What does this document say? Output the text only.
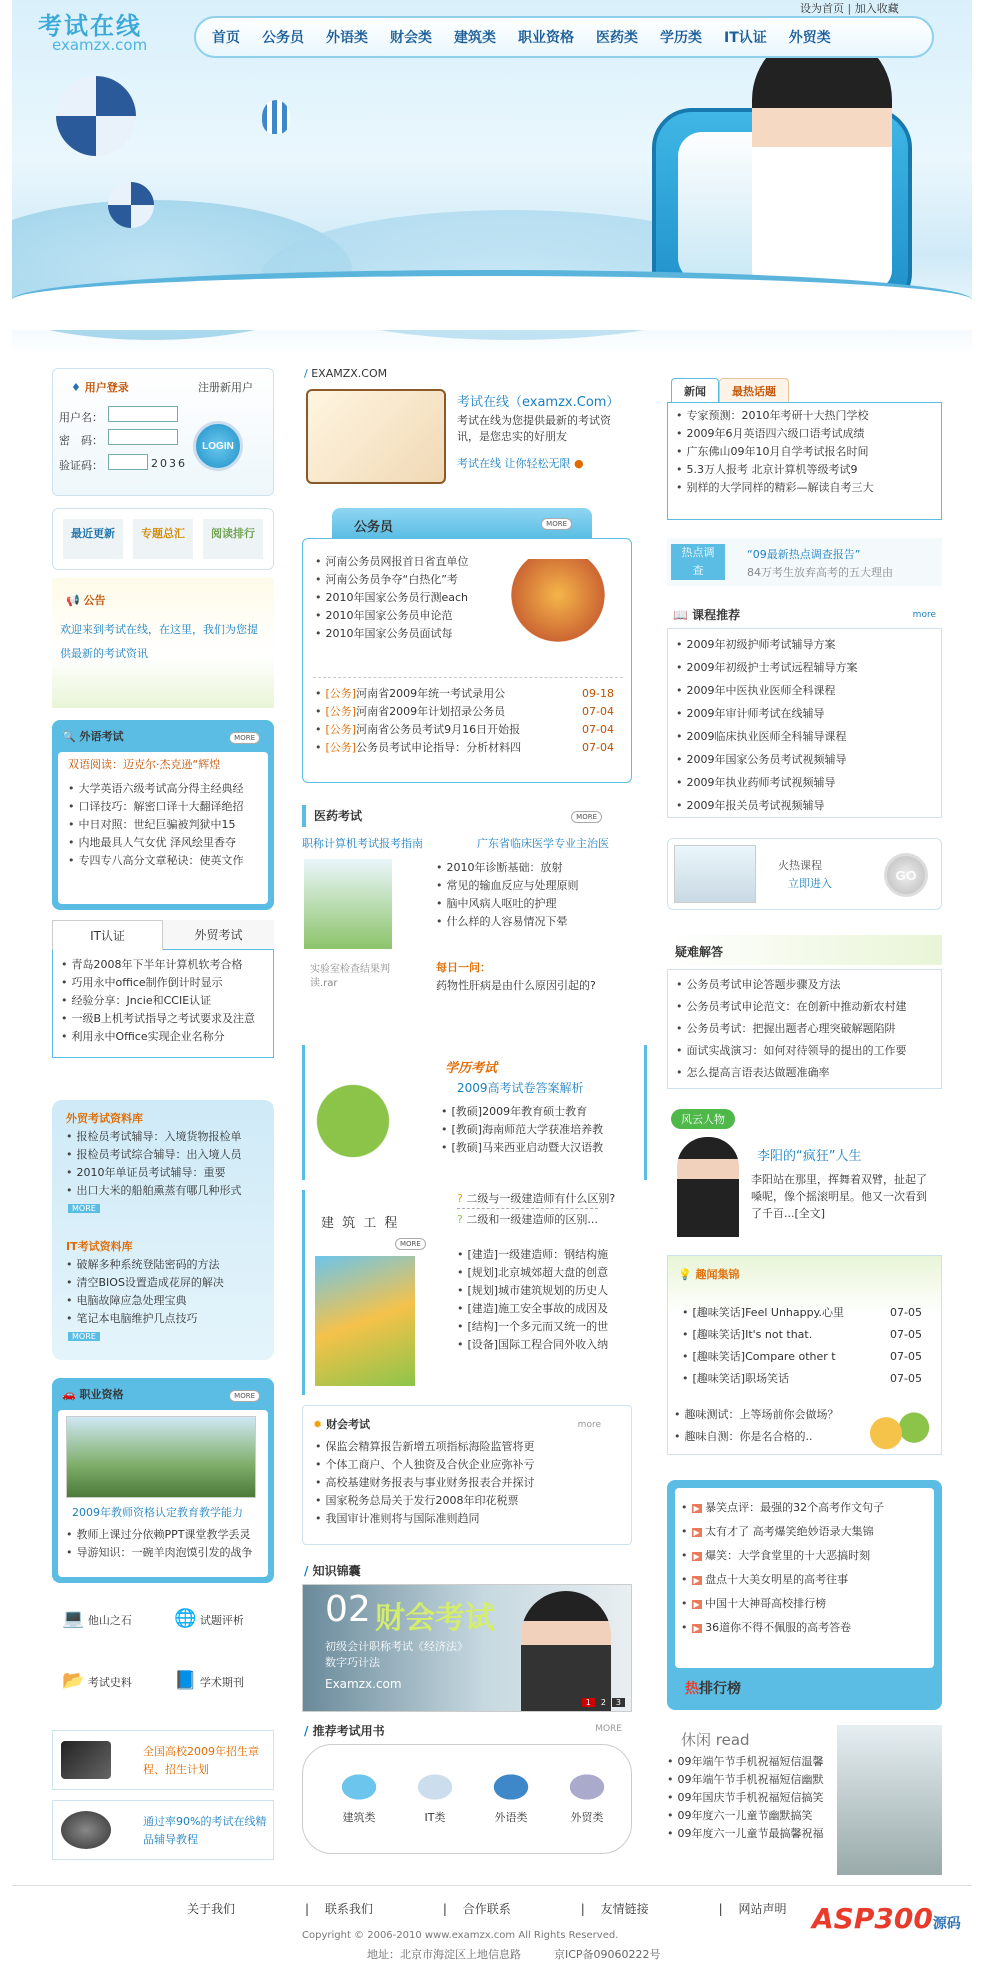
考试在线
examzx.com
设为首页 | 加入收藏
首页 公务员 外语类 财会类 建筑类 职业资格 医药类 学历类 IT认证 外贸类
♦ 用户登录	注册新用户
用户名：
密　码：
验证码：	2036
LOGIN
最近更新	专题总汇	阅读排行
📢 公告
欢迎来到考试在线，在这里，我们为您提供最新的考试资讯
🔍 外语考试	MORE
双语阅读：迈克尔·杰克逊“辉煌
• 大学英语六级考试高分得主经典经
• 口译技巧：解密口译十大翻译绝招
• 中日对照：世纪巨骗被判狱中15
• 内地最具人气女优 泽风绘里香夺
• 专四专八高分文章秘诀：使英文作
IT认证	外贸考试
• 青岛2008年下半年计算机软考合格
• 巧用永中office制作倒计时显示
• 经验分享：Jncie和CCIE认证
• 一级B上机考试指导之考试要求及注意
• 利用永中Office实现企业名称分
外贸考试资料库
• 报检员考试辅导：入境货物报检单
• 报检员考试综合辅导：出入境人员
• 2010年单证员考试辅导：重要
• 出口大米的船舶熏蒸有哪几种形式
MORE
IT考试资料库
• 破解多种系统登陆密码的方法
• 清空BIOS设置造成花屏的解决
• 电脑故障应急处理宝典
• 笔记本电脑维护几点技巧
MORE
🚗 职业资格	MORE
2009年教师资格认定教育教学能力
• 教师上课过分依赖PPT课堂教学丢灵
• 导游知识：一碗羊肉泡馍引发的战争
💻 他山之石 🌐 试题评析
📂 考试史料 📘 学术期刊
全国高校2009年招生章程、招生计划
通过率90%的考试在线精品辅导教程
/ EXAMZX.COM
考试在线（examzx.Com）
考试在线为您提供最新的考试资讯，是您忠实的好朋友
考试在线 让你轻松无限 ●
公务员	MORE
• 河南公务员网报首日省直单位
• 河南公务员争夺“白热化”考
• 2010年国家公务员行测each
• 2010年国家公务员申论范
• 2010年国家公务员面试每
• [公务]河南省2009年统一考试录用公	09-18
• [公务]河南省2009年计划招录公务员	07-04
• [公务]河南省公务员考试9月16日开始报	07-04
• [公务]公务员考试申论指导：分析材料四	07-04
医药考试	MORE
职称计算机考试报考指南	广东省临床医学专业主治医
• 2010年诊断基础：放射
• 常见的输血反应与处理原则
• 脑中风病人呕吐的护理
• 什么样的人容易情况下晕
实验室检查结果判读.rar
每日一问：
药物性肝病是由什么原因引起的?
学历考试
2009高考试卷答案解析
• [教硕]2009年教育硕士教育
• [教硕]海南师范大学获准培养教
• [教硕]马来西亚启动暨大汉语教
建 筑 工 程
MORE
? 二级与一级建造师有什么区别?
? 二级和一级建造师的区别...
• [建造]一级建造师：钢结构施
• [规划]北京城郊超大盘的创意
• [规划]城市建筑规划的历史人
• [建造]施工安全事故的成因及
• [结构]一个多元而又统一的世
• [设备]国际工程合同外收入纳
✹ 财会考试	more
• 保监会精算报告新增五项指标海险监管将更
• 个体工商户、个人独资及合伙企业应弥补亏
• 高校基建财务报表与事业财务报表合并探讨
• 国家税务总局关于发行2008年印花税票
• 我国审计准则将与国际准则趋同
/ 知识锦囊
02 财会考试
初级会计职称考试《经济法》数字巧计法
Examzx.com
1	2	3
/ 推荐考试用书	MORE
建筑类	IT类	外语类	外贸类
新闻	最热话题
• 专家预测：2010年考研十大热门学校
• 2009年6月英语四六级口语考试成绩
• 广东佛山09年10月自学考试报名时间
• 5.3万人报考 北京计算机等级考试9
• 别样的大学同样的精彩—解读自考三大
热点调查
“09最新热点调查报告”
84万考生放弃高考的五大理由
📖 课程推荐	more
• 2009年初级护师考试辅导方案
• 2009年初级护士考试远程辅导方案
• 2009年中医执业医师全科课程
• 2009年审计师考试在线辅导
• 2009临床执业医师全科辅导课程
• 2009年国家公务员考试视频辅导
• 2009年执业药师考试视频辅导
• 2009年报关员考试视频辅导
火热课程
立即进入
GO
疑难解答
• 公务员考试申论答题步骤及方法
• 公务员考试申论范文：在创新中推动新农村建
• 公务员考试：把握出题者心理突破解题陷阱
• 面试实战演习：如何对待领导的提出的工作要
• 怎么提高言语表达做题准确率
风云人物
李阳的“疯狂”人生
李阳站在那里，挥舞着双臂，扯起了嗓呢，像个摇滚明星。他又一次看到了千百...[全文]
💡 趣闻集锦
• [趣味笑话]Feel Unhappy.心里	07-05
• [趣味笑话]It's not that.	07-05
• [趣味笑话]Compare other t	07-05
• [趣味笑话]职场笑话	07-05
• 趣味测试：上等场前你会做场？
• 趣味自测：你是名合格的..
• ▶ 暴笑点评：最强的32个高考作文句子
• ▶ 太有才了 高考爆笑绝妙语录大集锦
• ▶ 爆笑：大学食堂里的十大恶搞时刻
• ▶ 盘点十大美女明星的高考往事
• ▶ 中国十大神哥高校排行榜
• ▶ 36道你不得不佩服的高考答卷
热排行榜
休闲 read
• 09年端午节手机祝福短信温馨
• 09年端午节手机祝福短信幽默
• 09年国庆节手机祝福短信搞笑
• 09年度六一儿童节幽默搞笑
• 09年度六一儿童节最搞馨祝福
关于我们	|　 联系我们	|　 合作联系	|　 友情链接	|　 网站声明
Copyright © 2006-2010 www.examzx.com All Rights Reserved.
地址：北京市海淀区上地信息路　　　京ICP备09060222号
ASP300源码
